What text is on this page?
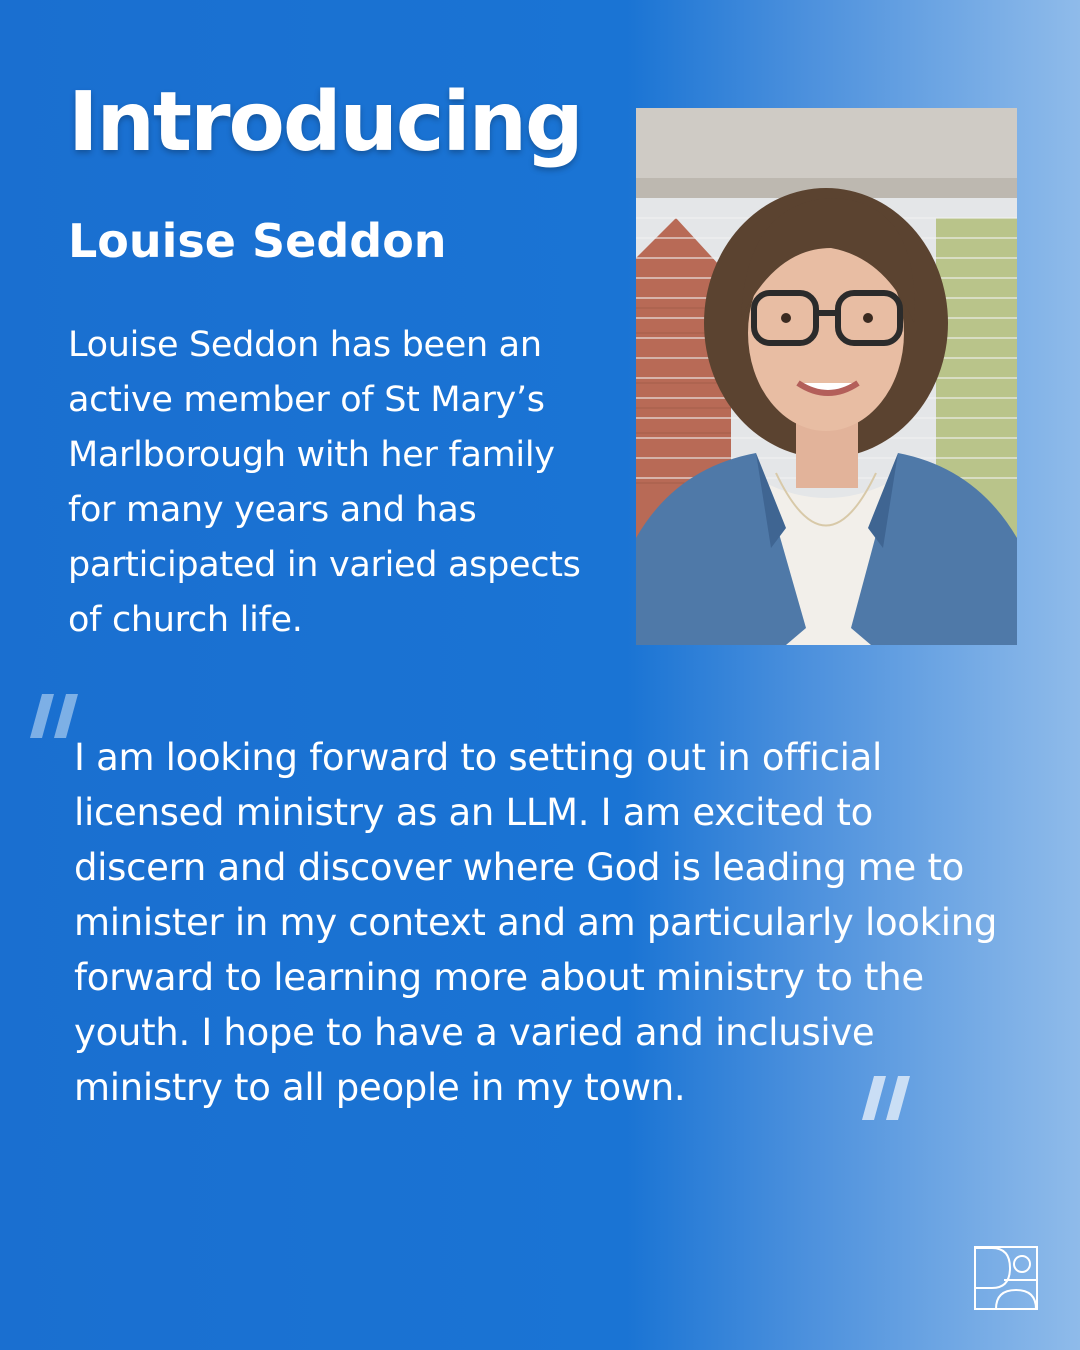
Introducing
Louise Seddon

Louise Seddon has been an active member of St Mary’s Marlborough with her family for many years and has participated in varied aspects of church life.

I am looking forward to setting out in official licensed ministry as an LLM. I am excited to discern and discover where God is leading me to minister in my context and am particularly looking forward to learning more about ministry to the youth. I hope to have a varied and inclusive ministry to all people in my town.
